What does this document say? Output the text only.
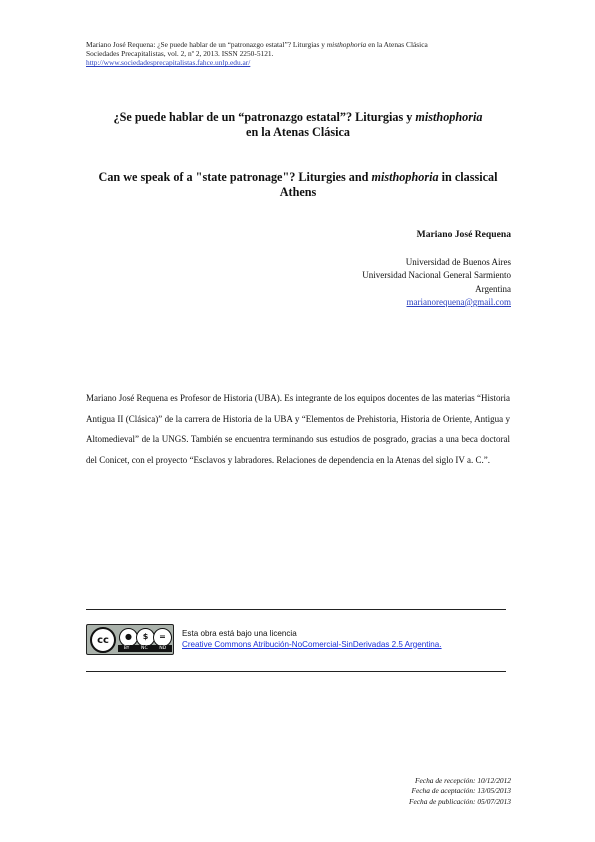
Mariano José Requena: ¿Se puede hablar de un “patronazgo estatal”? Liturgias y misthophoria en la Atenas Clásica
Sociedades Precapitalistas, vol. 2, nº 2, 2013. ISSN 2250-5121.
http://www.sociedadesprecapitalistas.fahce.unlp.edu.ar/
¿Se puede hablar de un “patronazgo estatal”? Liturgias y misthophoria
en la Atenas Clásica
Can we speak of a "state patronage"? Liturgies and misthophoria in classical Athens
Mariano José Requena
Universidad de Buenos Aires
Universidad Nacional General Sarmiento
Argentina
marianorequena@gmail.com
Mariano José Requena es Profesor de Historia (UBA). Es integrante de los equipos docentes de las materias “Historia Antigua II (Clásica)” de la carrera de Historia de la UBA y “Elementos de Prehistoria, Historia de Oriente, Antigua y Altomedieval” de la UNGS. También se encuentra terminando sus estudios de posgrado, gracias a una beca doctoral del Conicet, con el proyecto “Esclavos y labradores. Relaciones de dependencia en la Atenas del siglo IV a. C.”.
cc	●	$	=
BY	NC	ND
Esta obra está bajo una licencia
Creative Commons Atribución-NoComercial-SinDerivadas 2.5 Argentina.
Fecha de recepción: 10/12/2012
Fecha de aceptación: 13/05/2013
Fecha de publicación: 05/07/2013
